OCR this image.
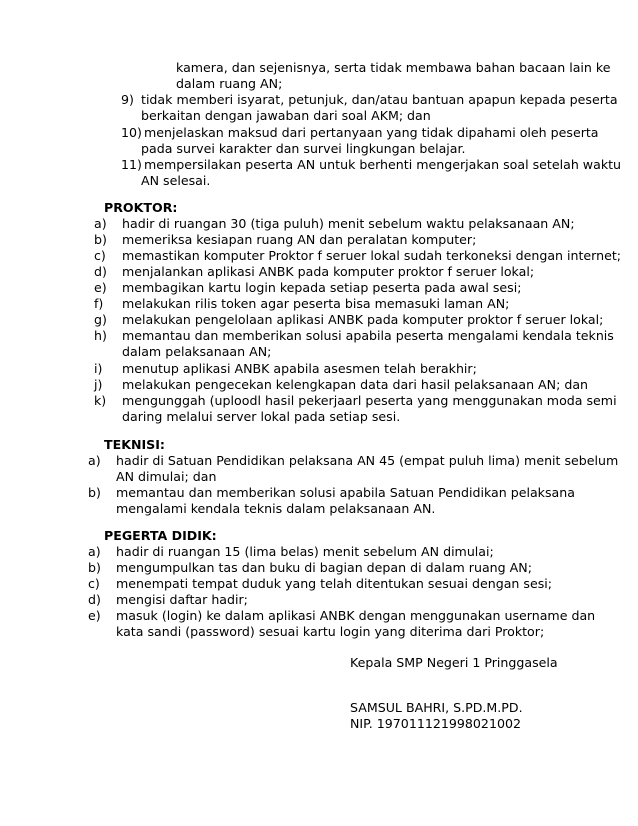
kamera, dan sejenisnya, serta tidak membawa bahan bacaan lain ke
dalam ruang AN;
9) tidak memberi isyarat, petunjuk, dan/atau bantuan apapun kepada peserta
berkaitan dengan jawaban dari soal AKM; dan
10) menjelaskan maksud dari pertanyaan yang tidak dipahami oleh peserta
pada survei karakter dan survei lingkungan belajar.
11) mempersilakan peserta AN untuk berhenti mengerjakan soal setelah waktu
AN selesai.
PROKTOR:
a) hadir di ruangan 30 (tiga puluh) menit sebelum waktu pelaksanaan AN;
b) memeriksa kesiapan ruang AN dan peralatan komputer;
c) memastikan komputer Proktor f seruer lokal sudah terkoneksi dengan internet;
d) menjalankan aplikasi ANBK pada komputer proktor f seruer lokal;
e) membagikan kartu login kepada setiap peserta pada awal sesi;
f) melakukan rilis token agar peserta bisa memasuki laman AN;
g) melakukan pengelolaan aplikasi ANBK pada komputer proktor f seruer lokal;
h) memantau dan memberikan solusi apabila peserta mengalami kendala teknis
dalam pelaksanaan AN;
i) menutup aplikasi ANBK apabila asesmen telah berakhir;
j) melakukan pengecekan kelengkapan data dari hasil pelaksanaan AN; dan
k) mengunggah (uploodl hasil pekerjaarl peserta yang menggunakan moda semi
daring melalui server lokal pada setiap sesi.
TEKNISI:
a) hadir di Satuan Pendidikan pelaksana AN 45 (empat puluh lima) menit sebelum
AN dimulai; dan
b) memantau dan memberikan solusi apabila Satuan Pendidikan pelaksana
mengalami kendala teknis dalam pelaksanaan AN.
PEGERTA DIDIK:
a) hadir di ruangan 15 (lima belas) menit sebelum AN dimulai;
b) mengumpulkan tas dan buku di bagian depan di dalam ruang AN;
c) menempati tempat duduk yang telah ditentukan sesuai dengan sesi;
d) mengisi daftar hadir;
e) masuk (login) ke dalam aplikasi ANBK dengan menggunakan username dan
kata sandi (password) sesuai kartu login yang diterima dari Proktor;
Kepala SMP Negeri 1 Pringgasela
SAMSUL BAHRI, S.PD.M.PD.
NIP. 197011121998021002
